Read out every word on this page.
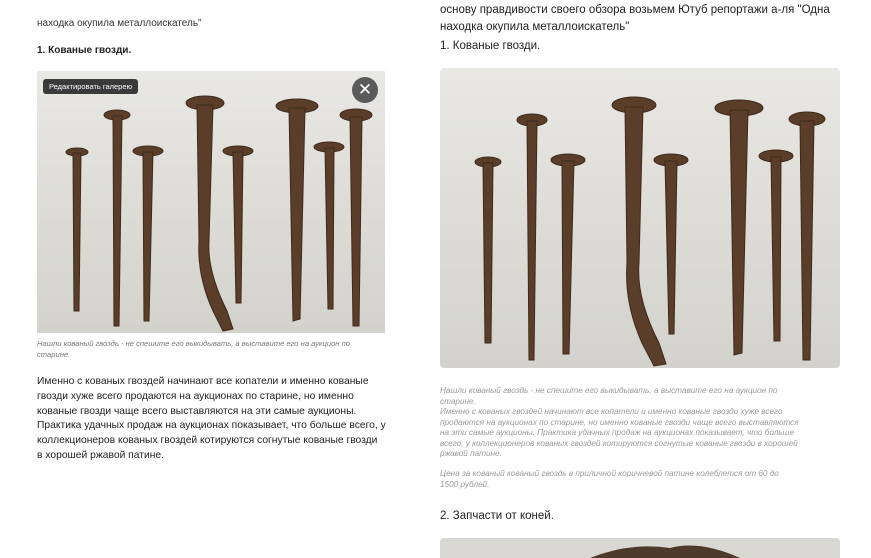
находка окупила металлоискатель"

1. Кованые гвозди.

Редактировать галерею	✕

Нашли кованый гвоздь - не спешите его выкидывать, а выставите его на аукцион по

старине.

Именно с кованых гвоздей начинают все копатели и именно кованые

гвозди хуже всего продаются на аукционах по старине, но именно

кованые гвозди чаще всего выставляются на эти самые аукционы.

Практика удачных продаж на аукционах показывает, что больше всего, у

коллекционеров кованых гвоздей котируются согнутые кованые гвозди

в хорошей ржавой патине.

основу правдивости своего обзора возьмем Ютуб репортажи а-ля "Одна

находка окупила металлоискатель"

1. Кованые гвозди.

Нашли кованый гвоздь - не спешите его выкидывать, а выставите его на аукцион по

старине.

Именно с кованых гвоздей начинают все копатели и именно кованые гвозди хуже всего

продаются на аукционах по старине, но именно кованые гвозди чаще всего выставляются

на эти самые аукционы. Практика удачных продаж на аукционах показывает, что больше

всего, у коллекционеров кованых гвоздей котируются согнутые кованые гвозди в хорошей

ржавой патине.

Цена за кованый кованый гвоздь в приличной коричневой патине колеблется от 60 до

1500 рублей.

2. Запчасти от коней.
